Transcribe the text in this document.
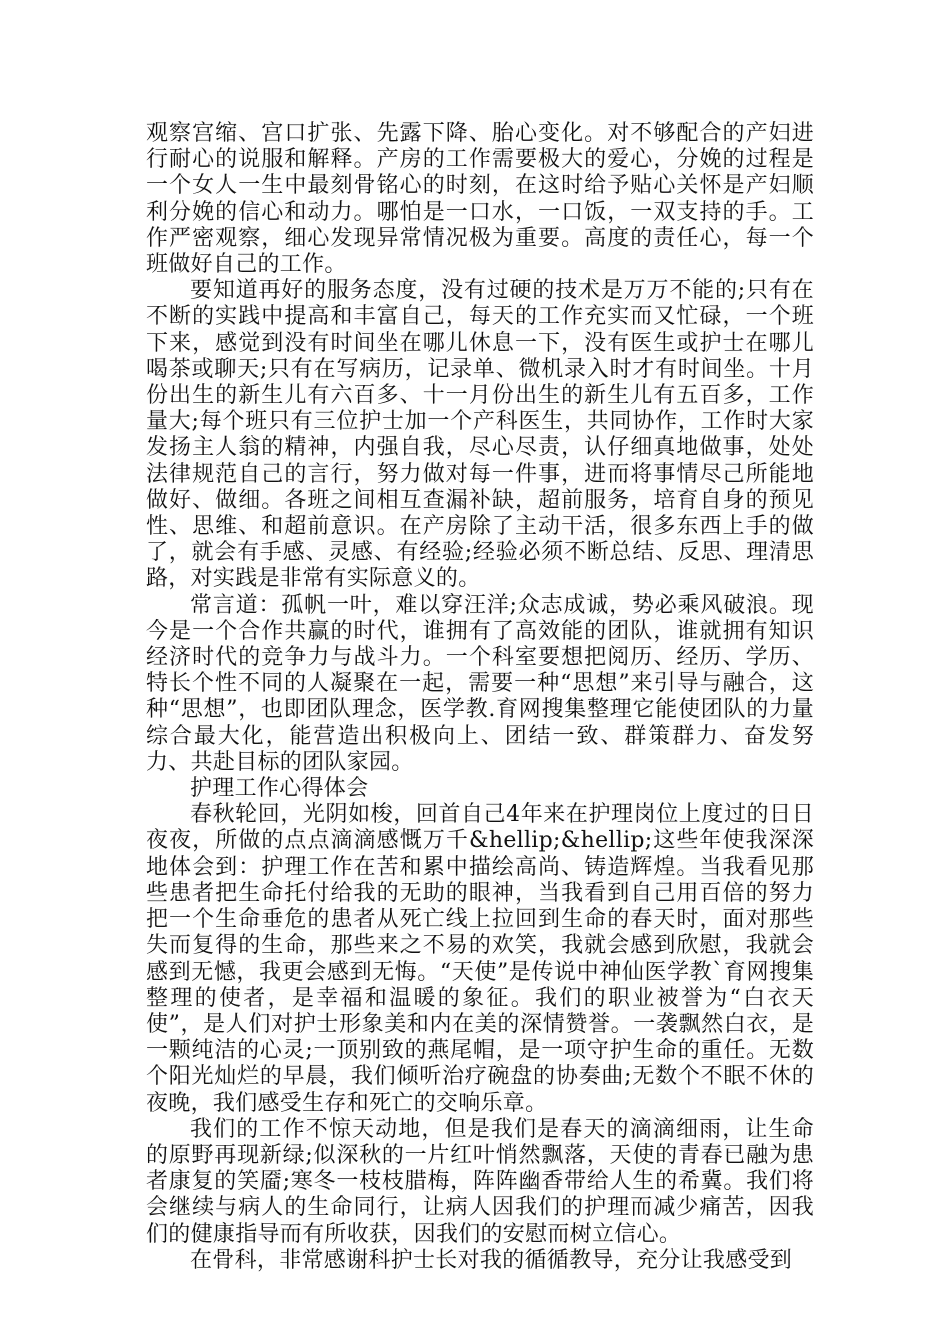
观察宫缩、宫口扩张、先露下降、胎心变化。对不够配合的产妇进行耐心的说服和解释。产房的工作需要极大的爱心，分娩的过程是一个女人一生中最刻骨铭心的时刻，在这时给予贴心关怀是产妇顺利分娩的信心和动力。哪怕是一口水，一口饭，一双支持的手。工作严密观察，细心发现异常情况极为重要。高度的责任心，每一个班做好自己的工作。

要知道再好的服务态度，没有过硬的技术是万万不能的;只有在不断的实践中提高和丰富自己，每天的工作充实而又忙碌，一个班下来，感觉到没有时间坐在哪儿休息一下，没有医生或护士在哪儿喝茶或聊天;只有在写病历，记录单、微机录入时才有时间坐。十月份出生的新生儿有六百多、十一月份出生的新生儿有五百多，工作量大;每个班只有三位护士加一个产科医生，共同协作，工作时大家发扬主人翁的精神，内强自我，尽心尽责，认仔细真地做事，处处法律规范自己的言行，努力做对每一件事，进而将事情尽己所能地做好、做细。各班之间相互查漏补缺，超前服务，培育自身的预见性、思维、和超前意识。在产房除了主动干活，很多东西上手的做了，就会有手感、灵感、有经验;经验必须不断总结、反思、理清思路，对实践是非常有实际意义的。

常言道：孤帆一叶，难以穿汪洋;众志成诚，势必乘风破浪。现今是一个合作共赢的时代，谁拥有了高效能的团队，谁就拥有知识经济时代的竞争力与战斗力。一个科室要想把阅历、经历、学历、特长个性不同的人凝聚在一起，需要一种“思想”来引导与融合，这种“思想”，也即团队理念，医学教.育网搜集整理它能使团队的力量综合最大化，能营造出积极向上、团结一致、群策群力、奋发努力、共赴目标的团队家园。

护理工作心得体会

春秋轮回，光阴如梭，回首自己4年来在护理岗位上度过的日日夜夜，所做的点点滴滴感慨万千&hellip;&hellip;这些年使我深深地体会到：护理工作在苦和累中描绘高尚、铸造辉煌。当我看见那些患者把生命托付给我的无助的眼神，当我看到自己用百倍的努力把一个生命垂危的患者从死亡线上拉回到生命的春天时，面对那些失而复得的生命，那些来之不易的欢笑，我就会感到欣慰，我就会感到无憾，我更会感到无悔。“天使”是传说中神仙医学教`育网搜集整理的使者，是幸福和温暖的象征。我们的职业被誉为“白衣天使”，是人们对护士形象美和内在美的深情赞誉。一袭飘然白衣，是一颗纯洁的心灵;一顶别致的燕尾帽，是一项守护生命的重任。无数个阳光灿烂的早晨，我们倾听治疗碗盘的协奏曲;无数个不眠不休的夜晚，我们感受生存和死亡的交响乐章。

我们的工作不惊天动地，但是我们是春天的滴滴细雨，让生命的原野再现新绿;似深秋的一片红叶悄然飘落，天使的青春已融为患者康复的笑靥;寒冬一枝枝腊梅，阵阵幽香带给人生的希冀。我们将会继续与病人的生命同行，让病人因我们的护理而减少痛苦，因我们的健康指导而有所收获，因我们的安慰而树立信心。

在骨科，非常感谢科护士长对我的循循教导，充分让我感受到
